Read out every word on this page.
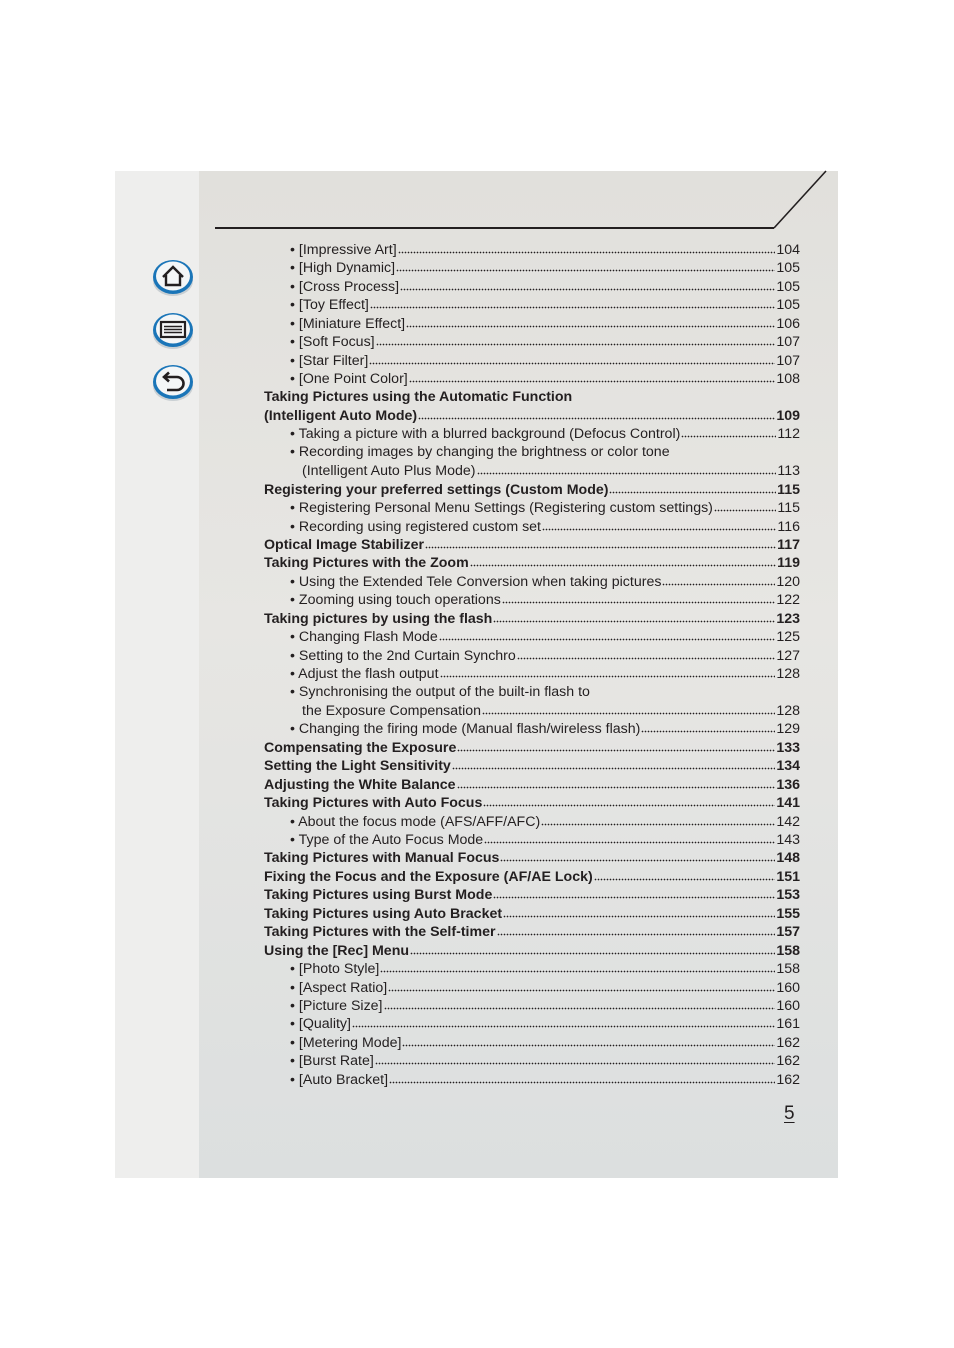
• [Impressive Art]	104
• [High Dynamic]	105
• [Cross Process]	105
• [Toy Effect]	105
• [Miniature Effect]	106
• [Soft Focus]	107
• [Star Filter]	107
• [One Point Color]	108
Taking Pictures using the Automatic Function
(Intelligent Auto Mode)	109
• Taking a picture with a blurred background (Defocus Control)	112
• Recording images by changing the brightness or color tone
(Intelligent Auto Plus Mode)	113
Registering your preferred settings (Custom Mode)	115
• Registering Personal Menu Settings (Registering custom settings)	115
• Recording using registered custom set	116
Optical Image Stabilizer	117
Taking Pictures with the Zoom	119
• Using the Extended Tele Conversion when taking pictures	120
• Zooming using touch operations	122
Taking pictures by using the flash	123
• Changing Flash Mode	125
• Setting to the 2nd Curtain Synchro	127
• Adjust the flash output	128
• Synchronising the output of the built-in flash to
the Exposure Compensation	128
• Changing the firing mode (Manual flash/wireless flash)	129
Compensating the Exposure	133
Setting the Light Sensitivity	134
Adjusting the White Balance	136
Taking Pictures with Auto Focus	141
• About the focus mode (AFS/AFF/AFC)	142
• Type of the Auto Focus Mode	143
Taking Pictures with Manual Focus	148
Fixing the Focus and the Exposure (AF/AE Lock)	151
Taking Pictures using Burst Mode	153
Taking Pictures using Auto Bracket	155
Taking Pictures with the Self-timer	157
Using the [Rec] Menu	158
• [Photo Style]	158
• [Aspect Ratio]	160
• [Picture Size]	160
• [Quality]	161
• [Metering Mode]	162
• [Burst Rate]	162
• [Auto Bracket]	162
5
